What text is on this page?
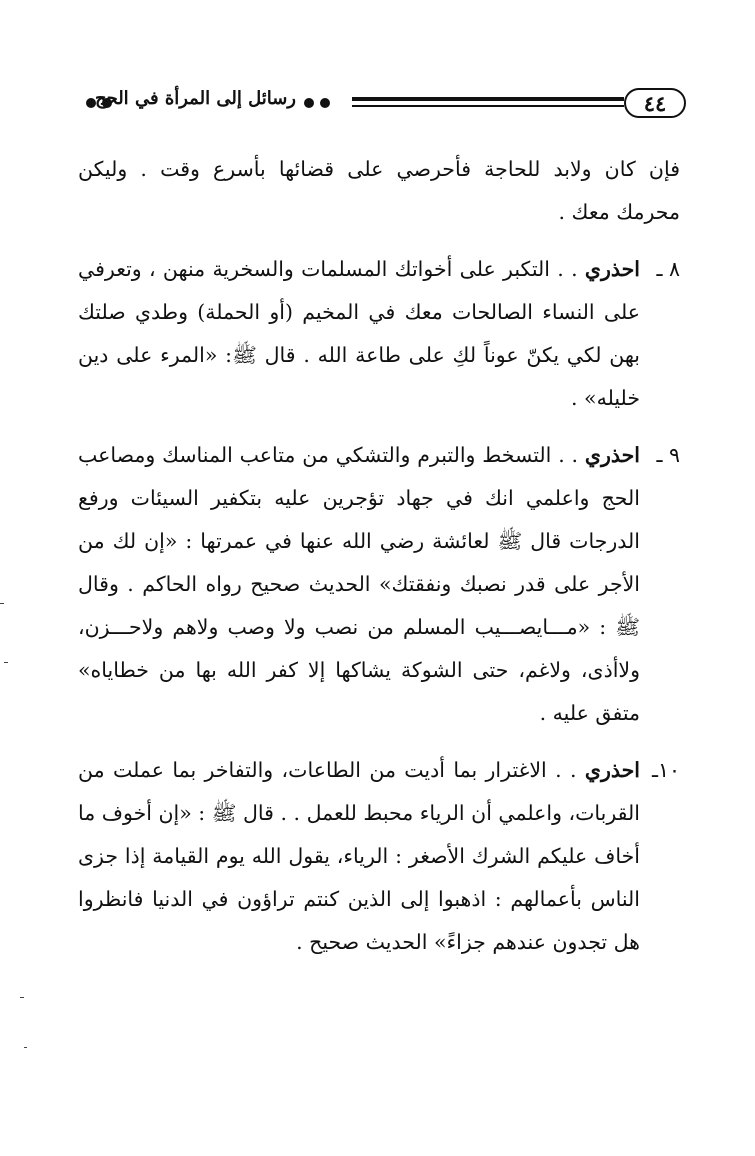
رسائل إلى المرأة في الحج	٤٤

فإن كان ولابد للحاجة فأحرصي على قضائها بأسرع وقت . وليكن محرمك معك .

٨ ـ
احذري . . التكبر على أخواتك المسلمات والسخرية منهن ، وتعرفي على النساء الصالحات معك في المخيم (أو الحملة) وطدي صلتك بهن لكي يكنّ عوناً لكِ على طاعة الله . قال ﷺ: «المرء على دين خليله» .
٩ ـ
احذري . . التسخط والتبرم والتشكي من متاعب المناسك ومصاعب الحج واعلمي انك في جهاد تؤجرين عليه بتكفير السيئات ورفع الدرجات قال ﷺ لعائشة رضي الله عنها في عمرتها : «إن لك من الأجر على قدر نصبك ونفقتك» الحديث صحيح رواه الحاكم . وقال ﷺ : «مـــايصـــيب المسلم من نصب ولا وصب ولاهم ولاحـــزن، ولاأذى، ولاغم، حتى الشوكة يشاكها إلا كفر الله بها من خطاياه» متفق عليه .
١٠ـ
احذري . . الاغترار بما أديت من الطاعات، والتفاخر بما عملت من القربات، واعلمي أن الرياء محبط للعمل . . قال ﷺ : «إن أخوف ما أخاف عليكم الشرك الأصغر : الرياء، يقول الله يوم القيامة إذا جزى الناس بأعمالهم : اذهبوا إلى الذين كنتم تراؤون في الدنيا فانظروا هل تجدون عندهم جزاءً» الحديث صحيح .
